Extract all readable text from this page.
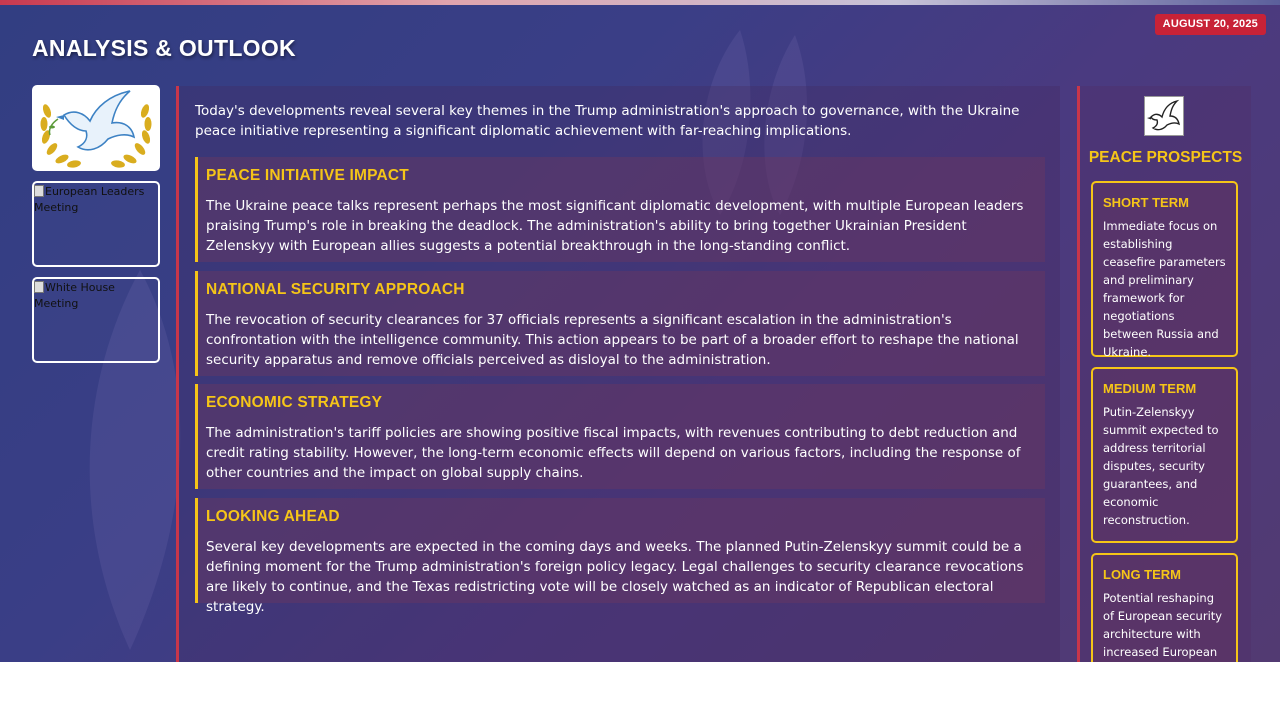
AUGUST 20, 2025
ANALYSIS & OUTLOOK
European Leaders Meeting
White House Meeting

Today's developments reveal several key themes in the Trump administration's approach to governance, with the Ukraine peace initiative representing a significant diplomatic achievement with far-reaching implications.

PEACE INITIATIVE IMPACT

The Ukraine peace talks represent perhaps the most significant diplomatic development, with multiple European leaders praising Trump's role in breaking the deadlock. The administration's ability to bring together Ukrainian President Zelenskyy with European allies suggests a potential breakthrough in the long-standing conflict.

NATIONAL SECURITY APPROACH

The revocation of security clearances for 37 officials represents a significant escalation in the administration's confrontation with the intelligence community. This action appears to be part of a broader effort to reshape the national security apparatus and remove officials perceived as disloyal to the administration.

ECONOMIC STRATEGY

The administration's tariff policies are showing positive fiscal impacts, with revenues contributing to debt reduction and credit rating stability. However, the long-term economic effects will depend on various factors, including the response of other countries and the impact on global supply chains.

LOOKING AHEAD

Several key developments are expected in the coming days and weeks. The planned Putin-Zelenskyy summit could be a defining moment for the Trump administration's foreign policy legacy. Legal challenges to security clearance revocations are likely to continue, and the Texas redistricting vote will be closely watched as an indicator of Republican electoral strategy.

PEACE PROSPECTS
SHORT TERM

Immediate focus on establishing ceasefire parameters and preliminary framework for negotiations between Russia and Ukraine.

MEDIUM TERM

Putin-Zelenskyy summit expected to address territorial disputes, security guarantees, and economic reconstruction.

LONG TERM

Potential reshaping of European security architecture with increased European
